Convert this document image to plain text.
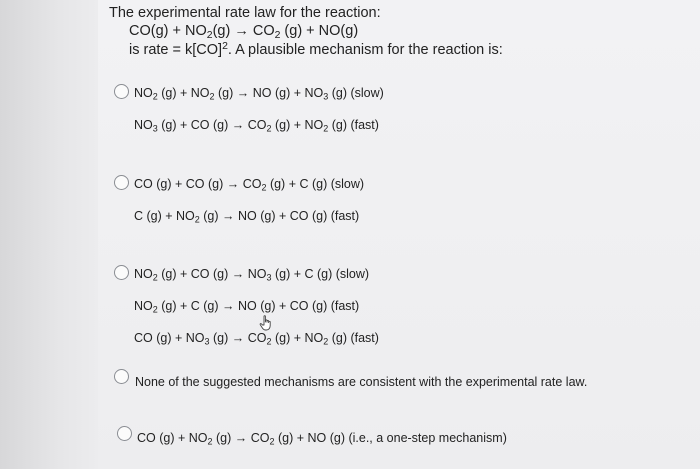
The experimental rate law for the reaction:
$CO(g) + NO_2(g) \to CO_2$ (g) + NO(g)
is rate = k[CO]$^2$. A plausible mechanism for the reaction is:
$NO_2$ $(g) + NO_2$ (g) → NO $(g) + NO_3$ (g) (slow)
$NO_3$ (g) + CO $(g) \to CO_2$ $(g) + NO_2$ (g) (fast)
CO (g) + CO $(g) \to CO_2$ (g) + C (g) (slow)
C $(g) + NO_2$ (g) → NO (g) + CO (g) (fast)
$NO_2$ (g) + CO $(g) \to NO_3$ (g) + C (g) (slow)
$NO_2$ (g) + C (g) → NO (g) + CO (g) (fast)
CO $(g) + NO_3$ $(g) \to CO_2$ $(g) + NO_2$ (g) (fast)
None of the suggested mechanisms are consistent with the experimental rate law.
CO $(g) + NO_2$ $(g) \to CO_2$ (g) + NO (g) (i.e., a one-step mechanism)
